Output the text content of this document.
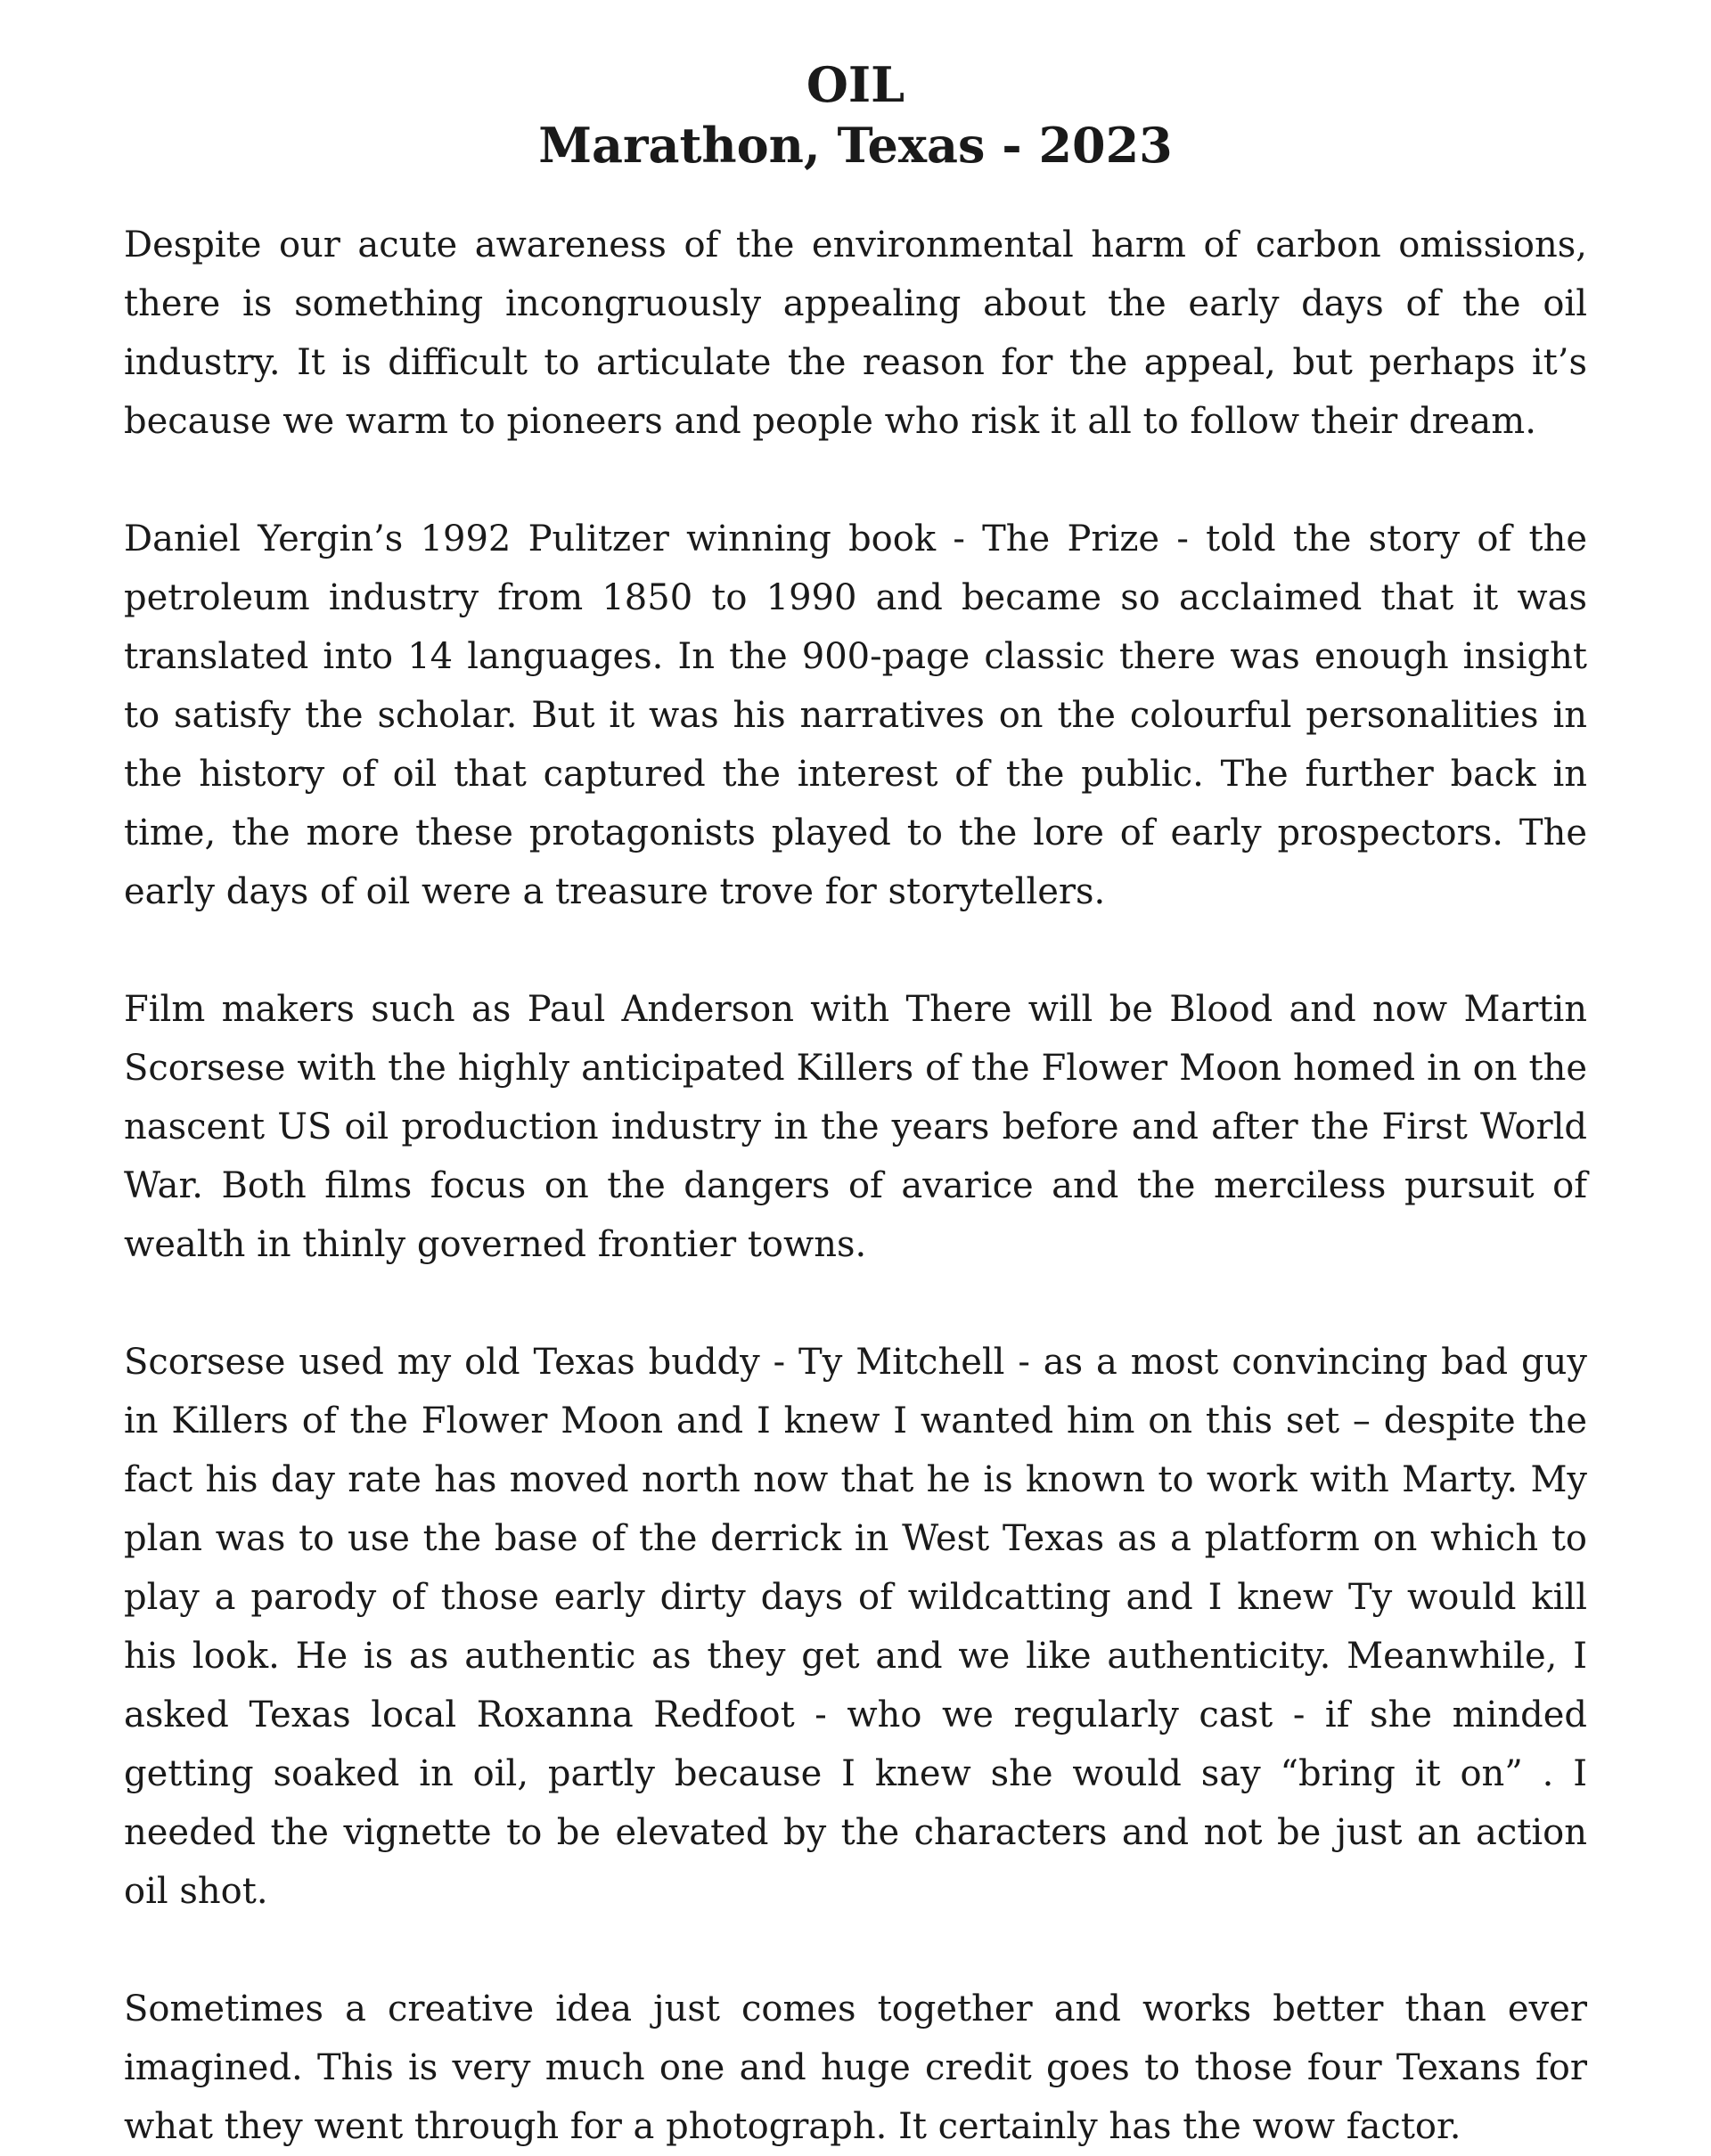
OIL
Marathon, Texas - 2023

Despite our acute awareness of the environmental harm of carbon omissions, there is something incongruously appealing about the early days of the oil industry. It is difficult to articulate the reason for the appeal, but perhaps it’s because we warm to pioneers and people who risk it all to follow their dream.

Daniel Yergin’s 1992 Pulitzer winning book - The Prize - told the story of the petroleum industry from 1850 to 1990 and became so acclaimed that it was translated into 14 languages. In the 900-page classic there was enough insight to satisfy the scholar. But it was his narratives on the colourful personalities in the history of oil that captured the interest of the public. The further back in time, the more these protagonists played to the lore of early prospectors. The early days of oil were a treasure trove for storytellers.

Film makers such as Paul Anderson with There will be Blood and now Martin Scorsese with the highly anticipated Killers of the Flower Moon homed in on the nascent US oil production industry in the years before and after the First World War. Both films focus on the dangers of avarice and the merciless pursuit of wealth in thinly governed frontier towns.

Scorsese used my old Texas buddy - Ty Mitchell - as a most convincing bad guy in Killers of the Flower Moon and I knew I wanted him on this set – despite the fact his day rate has moved north now that he is known to work with Marty. My plan was to use the base of the derrick in West Texas as a platform on which to play a parody of those early dirty days of wildcatting and I knew Ty would kill his look. He is as authentic as they get and we like authenticity. Meanwhile, I asked Texas local Roxanna Redfoot - who we regularly cast - if she minded getting soaked in oil, partly because I knew she would say “bring it on” . I needed the vignette to be elevated by the characters and not be just an action oil shot.

Sometimes a creative idea just comes together and works better than ever imagined. This is very much one and huge credit goes to those four Texans for what they went through for a photograph. It certainly has the wow factor.
